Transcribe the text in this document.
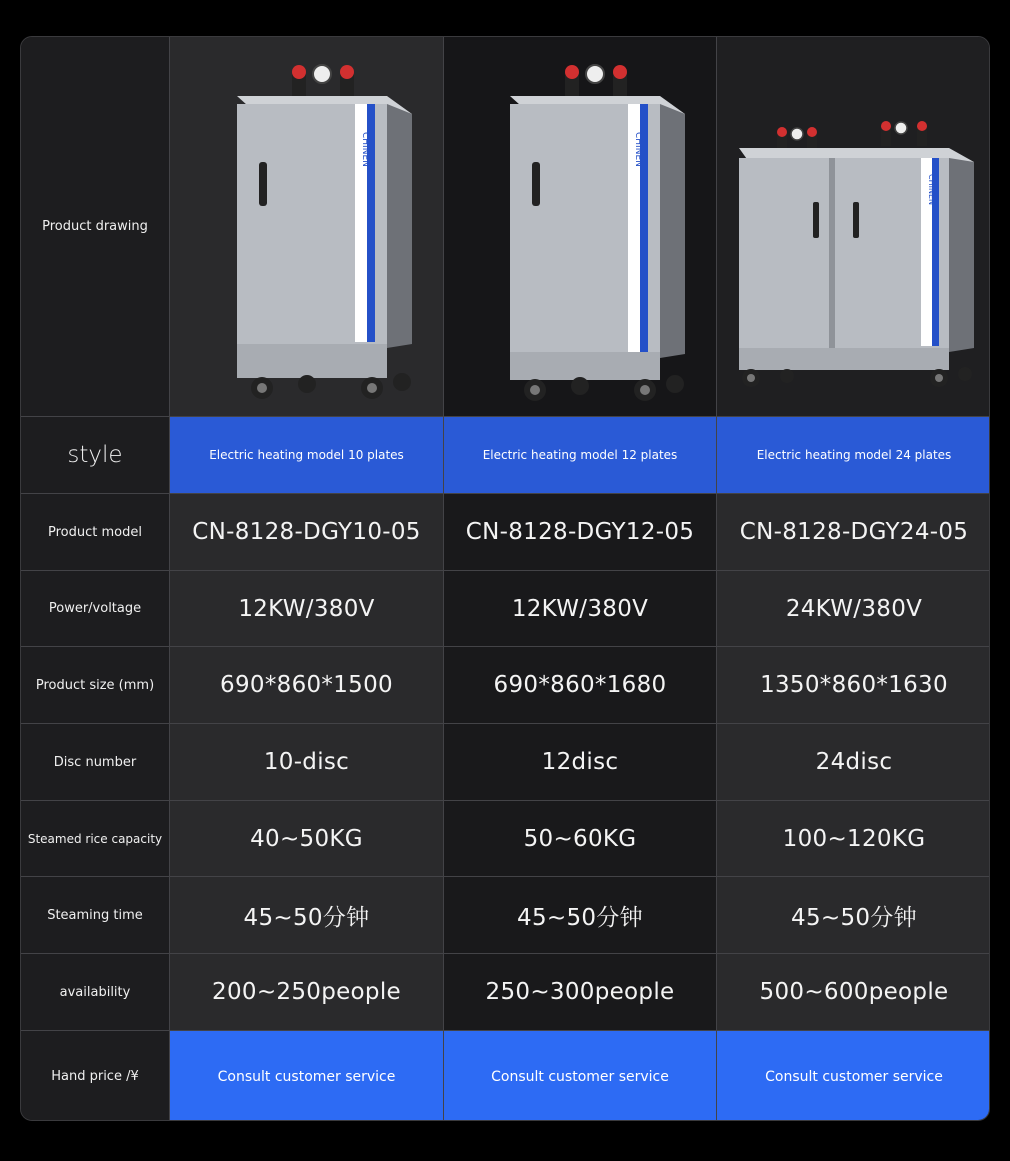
Product drawing
CHINEN	CHINEN
CHINEN
style	Electric heating model 10 plates	Electric heating model 12 plates	Electric heating model 24 plates
Product model	CN-8128-DGY10-05	CN-8128-DGY12-05	CN-8128-DGY24-05
Power/voltage	12KW/380V	12KW/380V	24KW/380V
Product size (mm)	690*860*1500	690*860*1680	1350*860*1630
Disc number	10-disc	12disc	24disc
Steamed rice capacity	40~50KG	50~60KG	100~120KG
Steaming time	45~50分钟	45~50分钟	45~50分钟
availability	200~250people	250~300people	500~600people
Hand price /¥	Consult customer service	Consult customer service	Consult customer service
